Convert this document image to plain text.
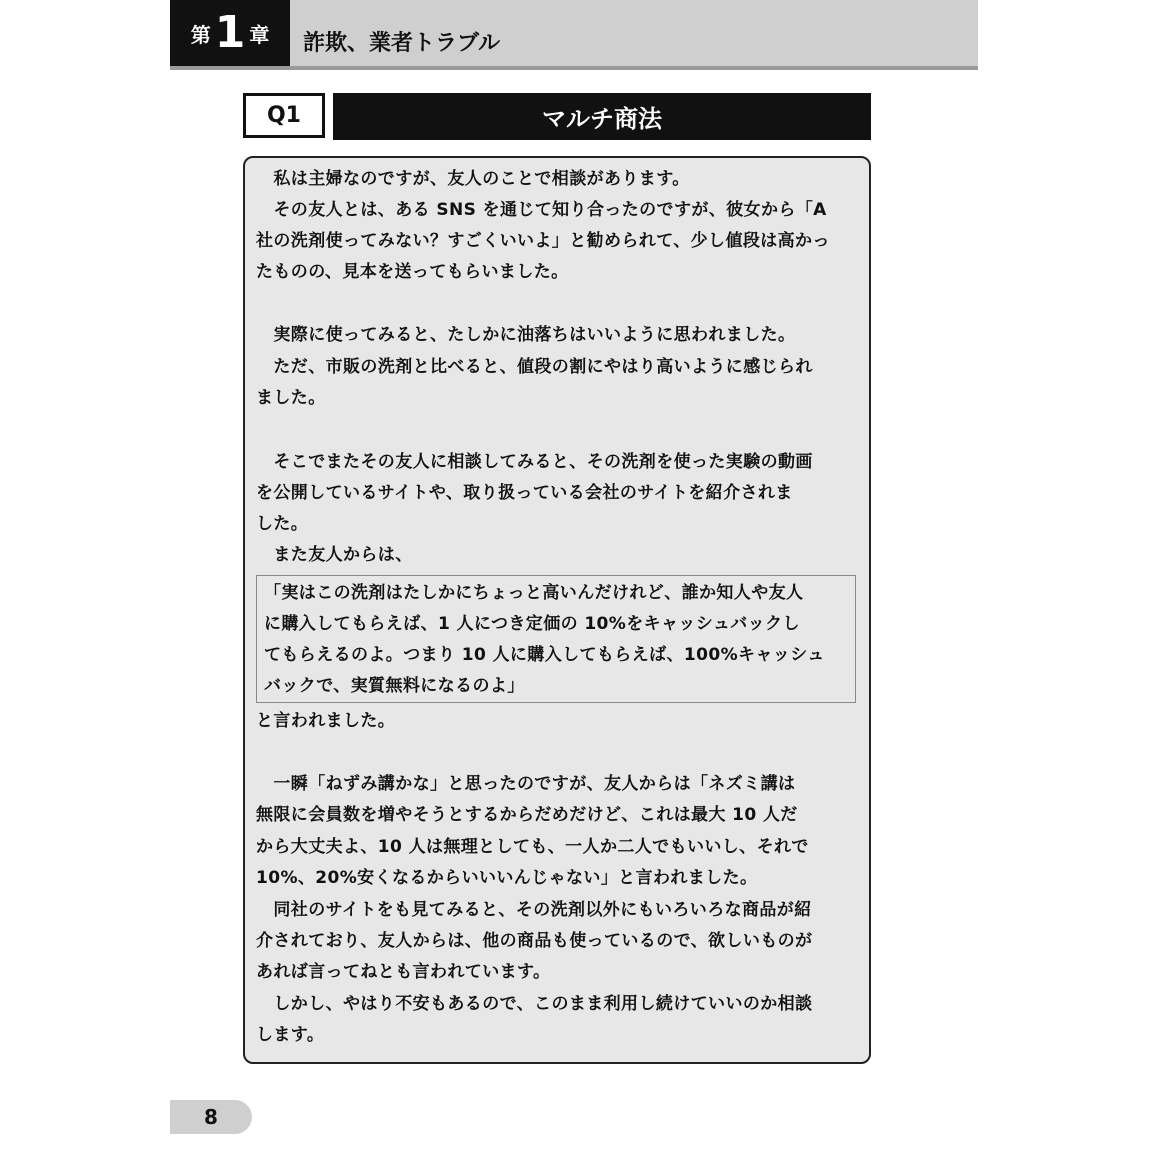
第 1 章 詐欺、業者トラブル
Q1	マルチ商法
　私は主婦なのですが、友人のことで相談があります。
　その友人とは、ある SNS を通じて知り合ったのですが、彼女から「A
社の洗剤使ってみない？すごくいいよ」と勧められて、少し値段は高かっ
たものの、見本を送ってもらいました。
　実際に使ってみると、たしかに油落ちはいいように思われました。
　ただ、市販の洗剤と比べると、値段の割にやはり高いように感じられ
ました。
　そこでまたその友人に相談してみると、その洗剤を使った実験の動画
を公開しているサイトや、取り扱っている会社のサイトを紹介されま
した。
　また友人からは、
「実はこの洗剤はたしかにちょっと高いんだけれど、誰か知人や友人
に購入してもらえば、1 人につき定価の 10%をキャッシュバックし
てもらえるのよ。つまり 10 人に購入してもらえば、100%キャッシュ
バックで、実質無料になるのよ」
と言われました。
　一瞬「ねずみ講かな」と思ったのですが、友人からは「ネズミ講は
無限に会員数を増やそうとするからだめだけど、これは最大 10 人だ
から大丈夫よ、10 人は無理としても、一人か二人でもいいし、それで
10%、20%安くなるからいいいんじゃない」と言われました。
　同社のサイトをも見てみると、その洗剤以外にもいろいろな商品が紹
介されており、友人からは、他の商品も使っているので、欲しいものが
あれば言ってねとも言われています。
　しかし、やはり不安もあるので、このまま利用し続けていいのか相談
します。
8
